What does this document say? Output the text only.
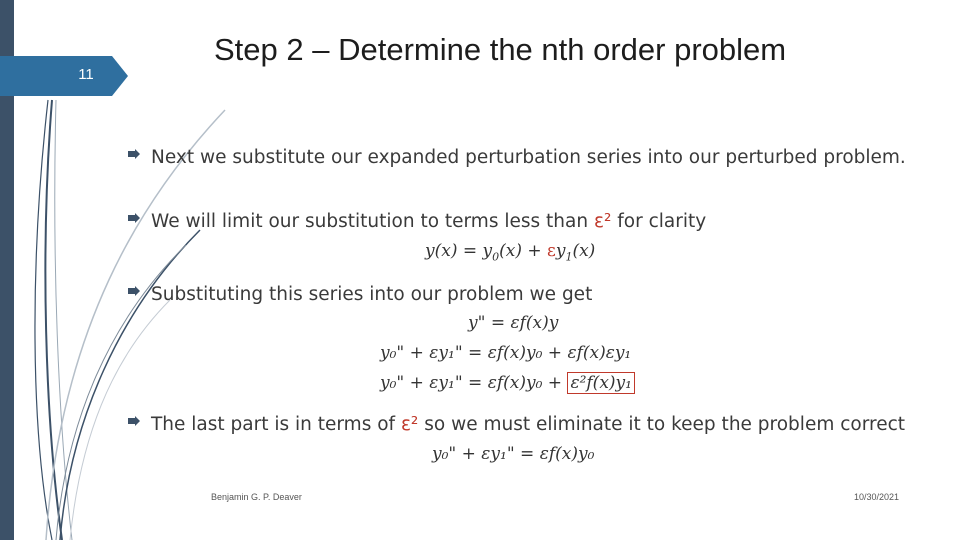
11
Step 2 – Determine the nth order problem
Next we substitute our expanded perturbation series into our perturbed problem.
We will limit our substitution to terms less than ε² for clarity
$y(x) = y_0(x) + \varepsilon y_1(x)$
Substituting this series into our problem we get
y" = εf(x)y
y₀" + εy₁" = εf(x)y₀ + εf(x)εy₁
y₀" + εy₁" = εf(x)y₀ + ε²f(x)y₁
The last part is in terms of ε² so we must eliminate it to keep the problem correct
y₀" + εy₁" = εf(x)y₀
Benjamin G. P. Deaver	10/30/2021
